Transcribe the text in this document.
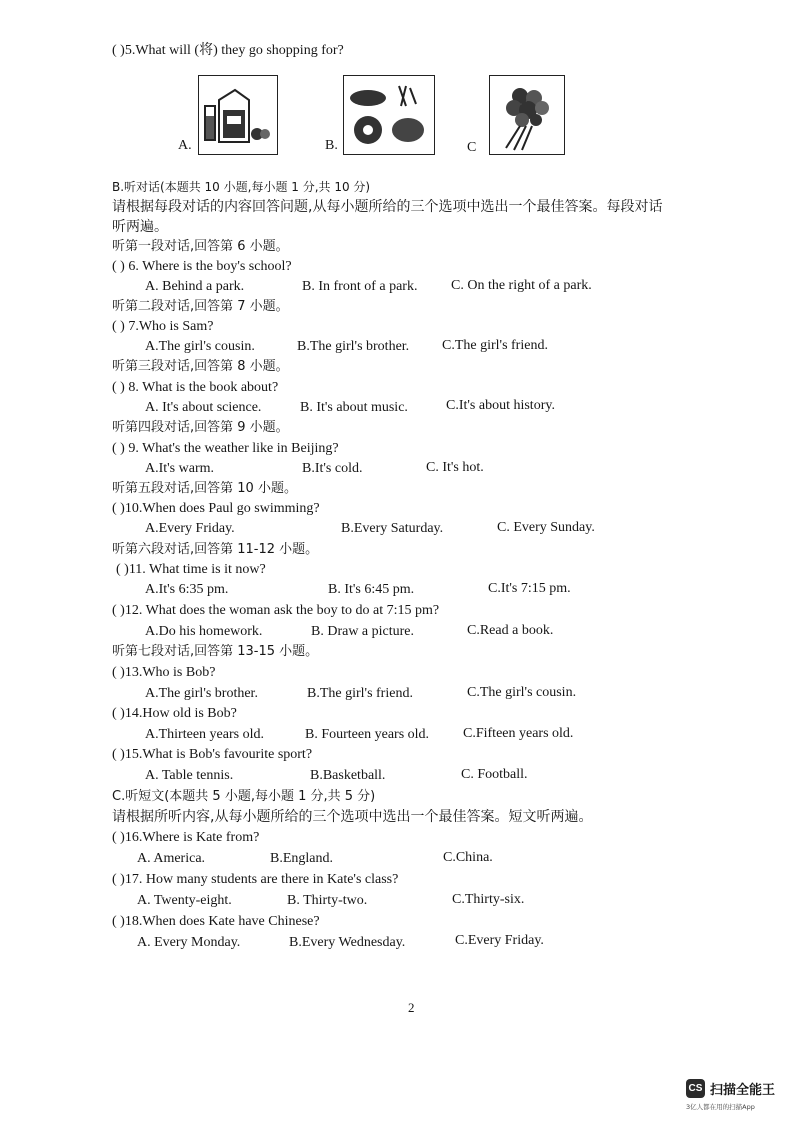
( )5.What will (将) they go shopping for?
A.	B.	C
B.听对话(本题共 10 小题,每小题 1 分,共 10 分)
请根据每段对话的内容回答问题,从每小题所给的三个选项中选出一个最佳答案。每段对话
听两遍。
听第一段对话,回答第 6 小题。
( ) 6. Where is the boy's school?
A. Behind a park.	B. In front of a park. C. On the right of a park.
听第二段对话,回答第 7 小题。
( ) 7.Who is Sam?
A.The girl's cousin.	B.The girl's brother. C.The girl's friend.
听第三段对话,回答第 8 小题。
( ) 8. What is the book about?
A. It's about science.	B. It's about music.	C.It's about history.
听第四段对话,回答第 9 小题。
( ) 9. What's the weather like in Beijing?
A.It's warm.	B.It's cold.	C. It's hot.
听第五段对话,回答第 10 小题。
( )10.When does Paul go swimming?
A.Every Friday.	B.Every Saturday.	C. Every Sunday.
听第六段对话,回答第 11-12 小题。
( )11. What time is it now?
A.It's 6:35 pm.	B. It's 6:45 pm.	C.It's 7:15 pm.
( )12. What does the woman ask the boy to do at 7:15 pm?
A.Do his homework.	B. Draw a picture.	C.Read a book.
听第七段对话,回答第 13-15 小题。
( )13.Who is Bob?
A.The girl's brother.	B.The girl's friend.	C.The girl's cousin.
( )14.How old is Bob?
A.Thirteen years old.	B. Fourteen years old. C.Fifteen years old.
( )15.What is Bob's favourite sport?
A. Table tennis.	B.Basketball.	C. Football.
C.听短文(本题共 5 小题,每小题 1 分,共 5 分)
请根据所听内容,从每小题所给的三个选项中选出一个最佳答案。短文听两遍。
( )16.Where is Kate from?
A. America.	B.England.	C.China.
( )17. How many students are there in Kate's class?
A. Twenty-eight.	B. Thirty-two.	C.Thirty-six.
( )18.When does Kate have Chinese?
A. Every Monday.	B.Every Wednesday.	C.Every Friday.
2
CS 扫描全能王
3亿人都在用的扫描App
